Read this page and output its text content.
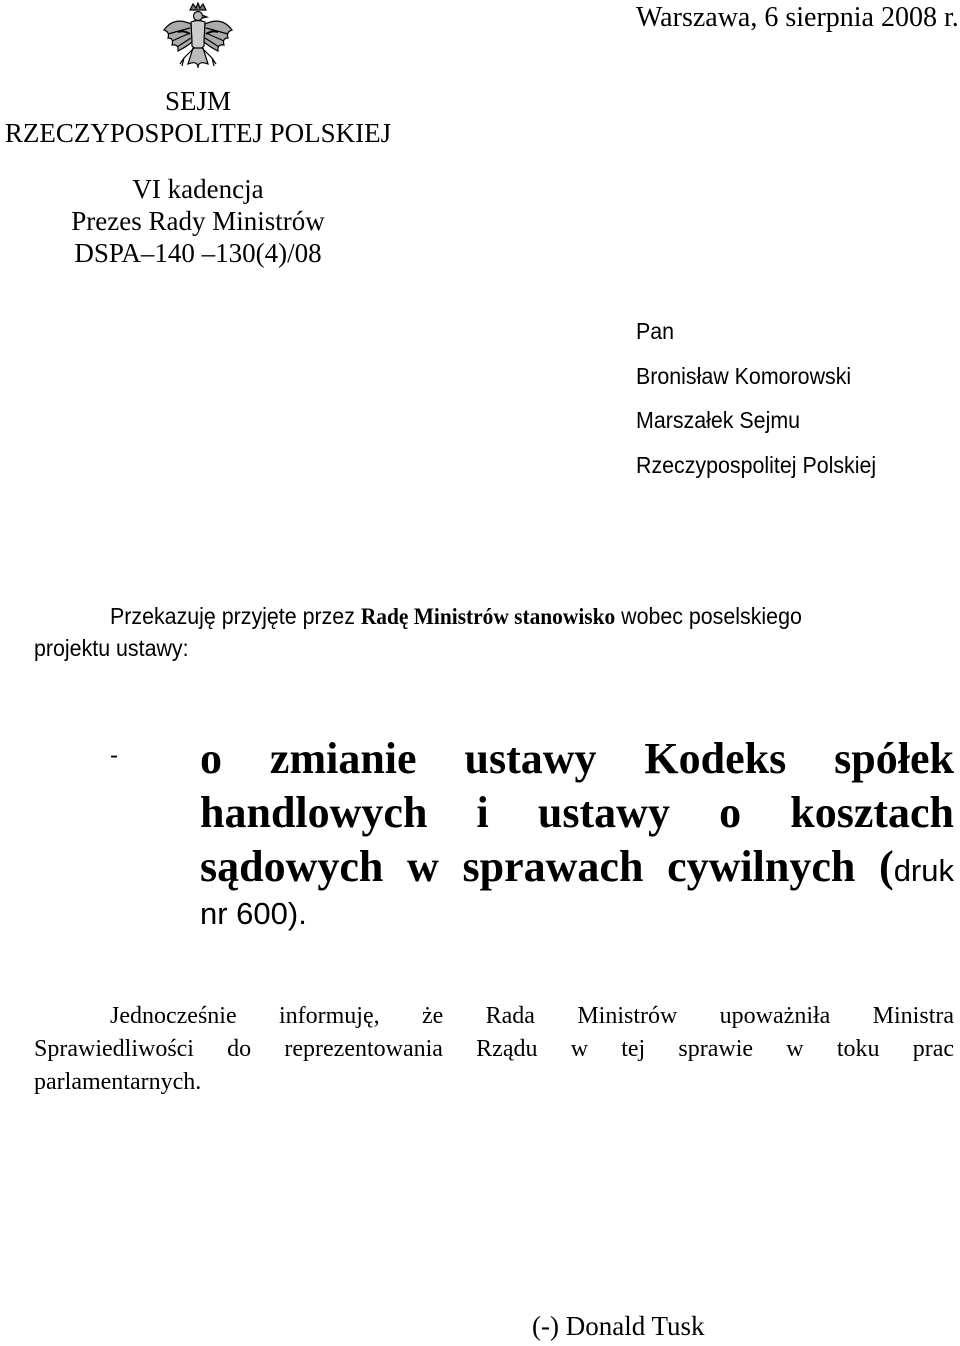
Warszawa, 6 sierpnia 2008 r.
SEJM
RZECZYPOSPOLITEJ POLSKIEJ
VI kadencja
Prezes Rady Ministrów
DSPA–140 –130(4)/08
Pan
Bronisław Komorowski
Marszałek Sejmu
Rzeczypospolitej Polskiej
Przekazuję przyjęte przez Radę Ministrów stanowisko wobec poselskiego
projektu ustawy:
- o zmianie ustawy Kodeks spółek
handlowych i ustawy o kosztach
sądowych w sprawach cywilnych (druk
nr 600).
Jednocześnie informuję, że Rada Ministrów upoważniła Ministra
Sprawiedliwości do reprezentowania Rządu w tej sprawie w toku prac
parlamentarnych.
(-) Donald Tusk
